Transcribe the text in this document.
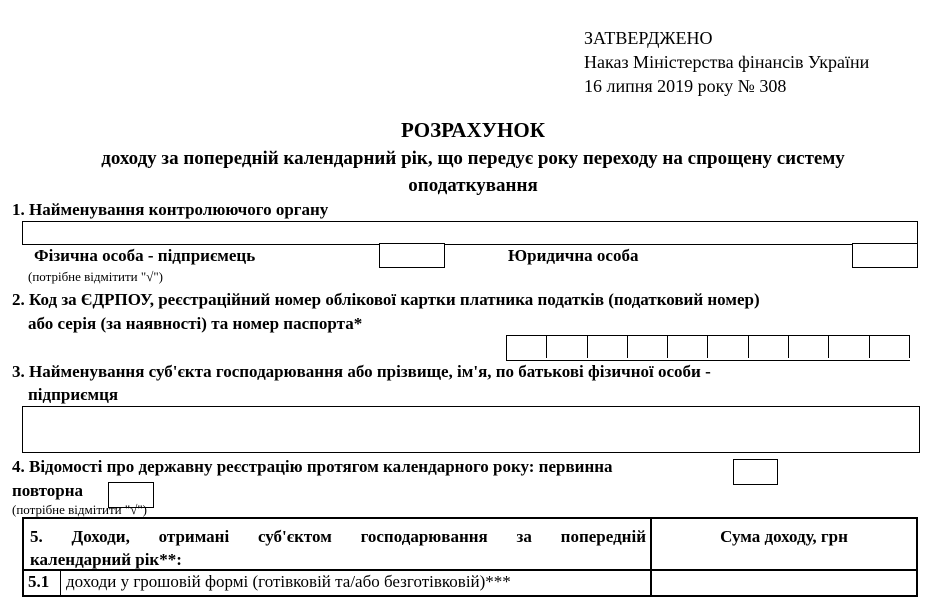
ЗАТВЕРДЖЕНО
Наказ Міністерства фінансів України
16 липня 2019 року № 308
РОЗРАХУНОК
доходу за попередній календарний рік, що передує року переходу на спрощену систему
оподаткування
1. Найменування контролюючого органу
Фізична особа - підприємець	Юридична особа
(потрібне відмітити "√")
2. Код за ЄДРПОУ, реєстраційний номер облікової картки платника податків (податковий номер)
або серія (за наявності) та номер паспорта*
3. Найменування суб'єкта господарювання або прізвище, ім'я, по батькові фізичної особи -
підприємця
4. Відомості про державну реєстрацію протягом календарного року: первинна
повторна
(потрібне відмітити "√")
5. Доходи, отримані суб'єктом господарювання за попередній
календарний рік**:
Сума доходу, грн
5.1 доходи у грошовій формі (готівковій та/або безготівковій)***
